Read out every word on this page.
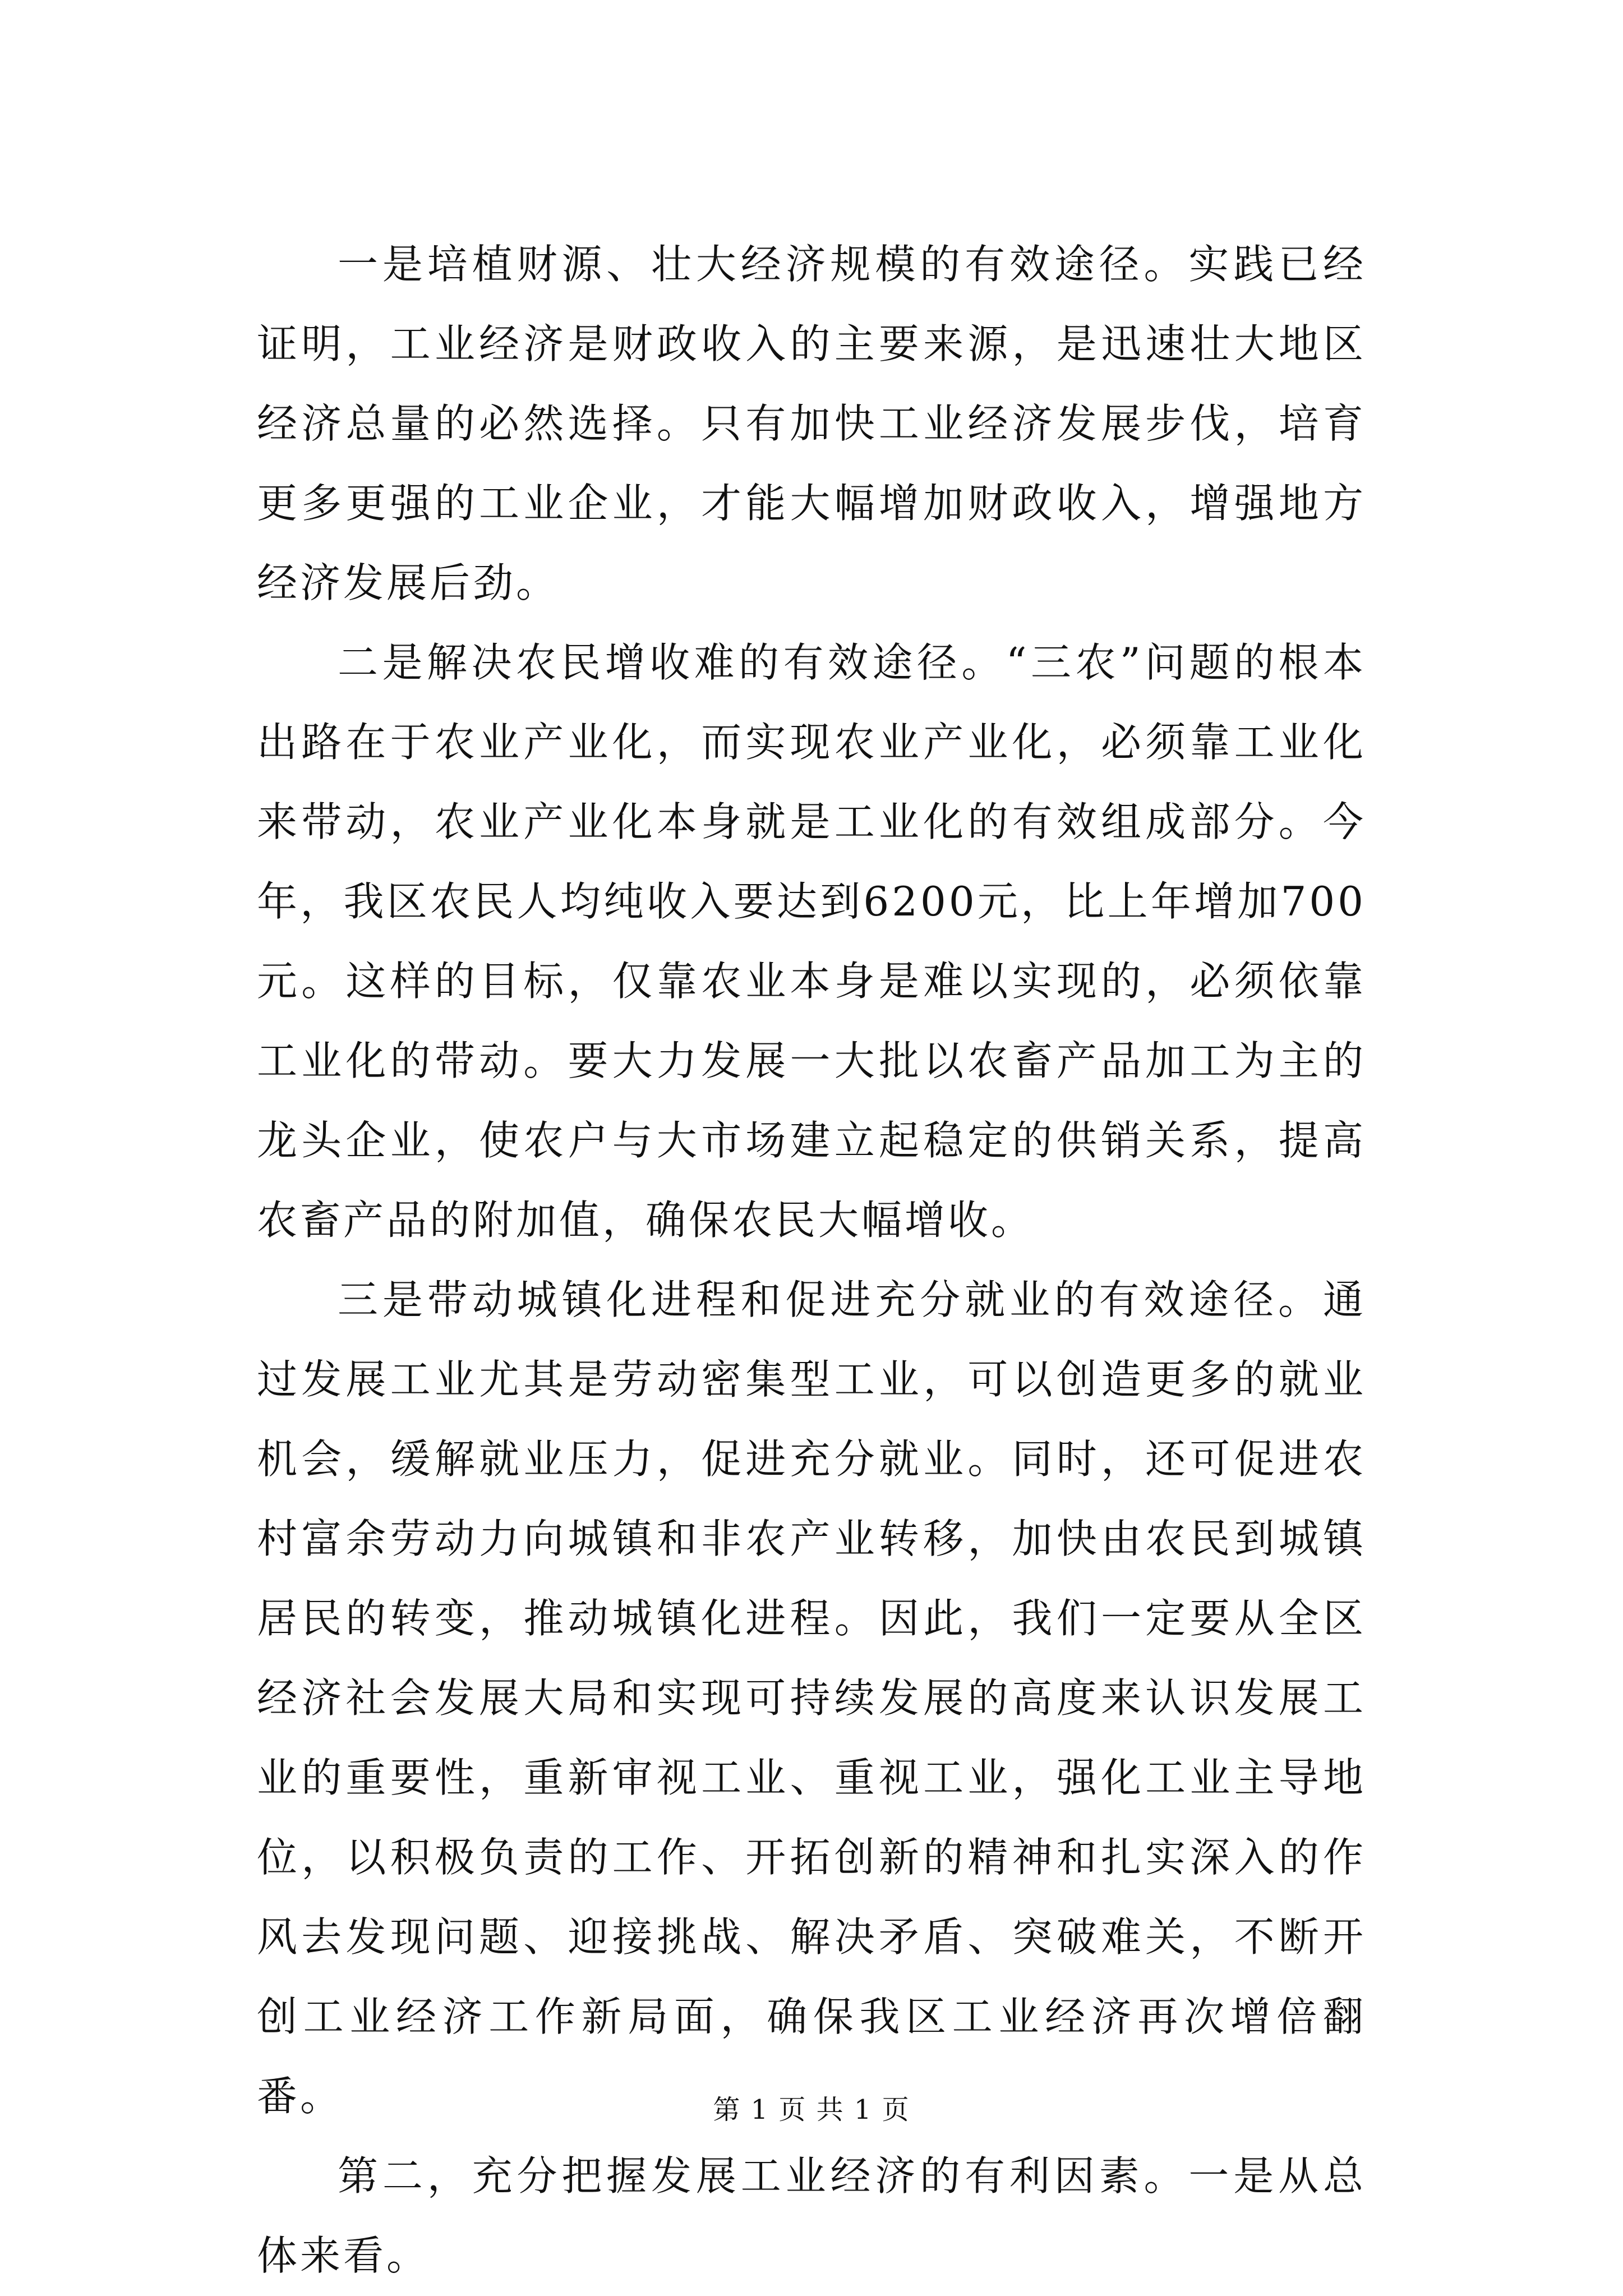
一是培植财源、壮大经济规模的有效途径。实践已经证明，工业经济是财政收入的主要来源，是迅速壮大地区经济总量的必然选择。只有加快工业经济发展步伐，培育更多更强的工业企业，才能大幅增加财政收入，增强地方经济发展后劲。

二是解决农民增收难的有效途径。“三农”问题的根本出路在于农业产业化，而实现农业产业化，必须靠工业化来带动，农业产业化本身就是工业化的有效组成部分。今年，我区农民人均纯收入要达到6200元，比上年增加700元。这样的目标，仅靠农业本身是难以实现的，必须依靠工业化的带动。要大力发展一大批以农畜产品加工为主的龙头企业，使农户与大市场建立起稳定的供销关系，提高农畜产品的附加值，确保农民大幅增收。

三是带动城镇化进程和促进充分就业的有效途径。通过发展工业尤其是劳动密集型工业，可以创造更多的就业机会，缓解就业压力，促进充分就业。同时，还可促进农村富余劳动力向城镇和非农产业转移，加快由农民到城镇居民的转变，推动城镇化进程。因此，我们一定要从全区经济社会发展大局和实现可持续发展的高度来认识发展工业的重要性，重新审视工业、重视工业，强化工业主导地位，以积极负责的工作、开拓创新的精神和扎实深入的作风去发现问题、迎接挑战、解决矛盾、突破难关，不断开创工业经济工作新局面，确保我区工业经济再次增倍翻番。

第二，充分把握发展工业经济的有利因素。一是从总体来看。

第 1 页 共 1 页
